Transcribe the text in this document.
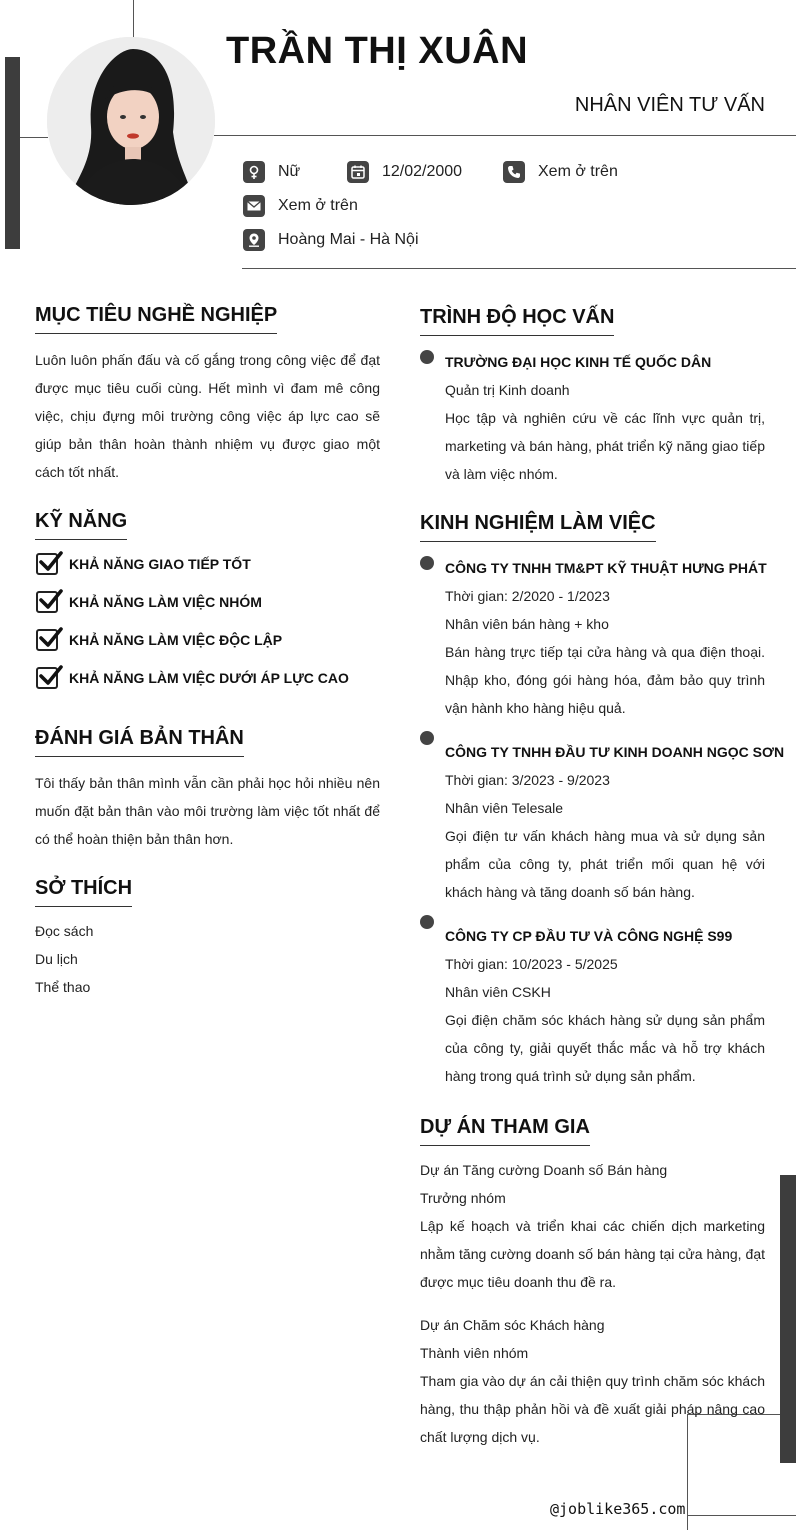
TRẦN THỊ XUÂN
NHÂN VIÊN TƯ VẤN
Nữ	12/02/2000	Xem ở trên
Xem ở trên
Hoàng Mai - Hà Nội
MỤC TIÊU NGHỀ NGHIỆP

Luôn luôn phấn đấu và cố gắng trong công việc để đạt được mục tiêu cuối cùng. Hết mình vì đam mê công việc, chịu đựng môi trường công việc áp lực cao sẽ giúp bản thân hoàn thành nhiệm vụ được giao một cách tốt nhất.

KỸ NĂNG
KHẢ NĂNG GIAO TIẾP TỐT
KHẢ NĂNG LÀM VIỆC NHÓM
KHẢ NĂNG LÀM VIỆC ĐỘC LẬP
KHẢ NĂNG LÀM VIỆC DƯỚI ÁP LỰC CAO
ĐÁNH GIÁ BẢN THÂN

Tôi thấy bản thân mình vẫn cần phải học hỏi nhiều nên muốn đặt bản thân vào môi trường làm việc tốt nhất để có thể hoàn thiện bản thân hơn.

SỞ THÍCH
Đọc sách
Du lịch
Thể thao
TRÌNH ĐỘ HỌC VẤN
TRƯỜNG ĐẠI HỌC KINH TẾ QUỐC DÂN
Quản trị Kinh doanh

Học tập và nghiên cứu về các lĩnh vực quản trị, marketing và bán hàng, phát triển kỹ năng giao tiếp và làm việc nhóm.

KINH NGHIỆM LÀM VIỆC
CÔNG TY TNHH TM&PT KỸ THUẬT HƯNG PHÁT
Thời gian: 2/2020 - 1/2023
Nhân viên bán hàng + kho

Bán hàng trực tiếp tại cửa hàng và qua điện thoại. Nhập kho, đóng gói hàng hóa, đảm bảo quy trình vận hành kho hàng hiệu quả.

CÔNG TY TNHH ĐẦU TƯ KINH DOANH NGỌC SƠN
Thời gian: 3/2023 - 9/2023
Nhân viên Telesale

Gọi điện tư vấn khách hàng mua và sử dụng sản phẩm của công ty, phát triển mối quan hệ với khách hàng và tăng doanh số bán hàng.

CÔNG TY CP ĐẦU TƯ VÀ CÔNG NGHỆ S99
Thời gian: 10/2023 - 5/2025
Nhân viên CSKH

Gọi điện chăm sóc khách hàng sử dụng sản phẩm của công ty, giải quyết thắc mắc và hỗ trợ khách hàng trong quá trình sử dụng sản phẩm.

DỰ ÁN THAM GIA
Dự án Tăng cường Doanh số Bán hàng
Trưởng nhóm

Lập kế hoạch và triển khai các chiến dịch marketing nhằm tăng cường doanh số bán hàng tại cửa hàng, đạt được mục tiêu doanh thu đề ra.

Dự án Chăm sóc Khách hàng
Thành viên nhóm

Tham gia vào dự án cải thiện quy trình chăm sóc khách hàng, thu thập phản hồi và đề xuất giải pháp nâng cao chất lượng dịch vụ.

@joblike365.com
